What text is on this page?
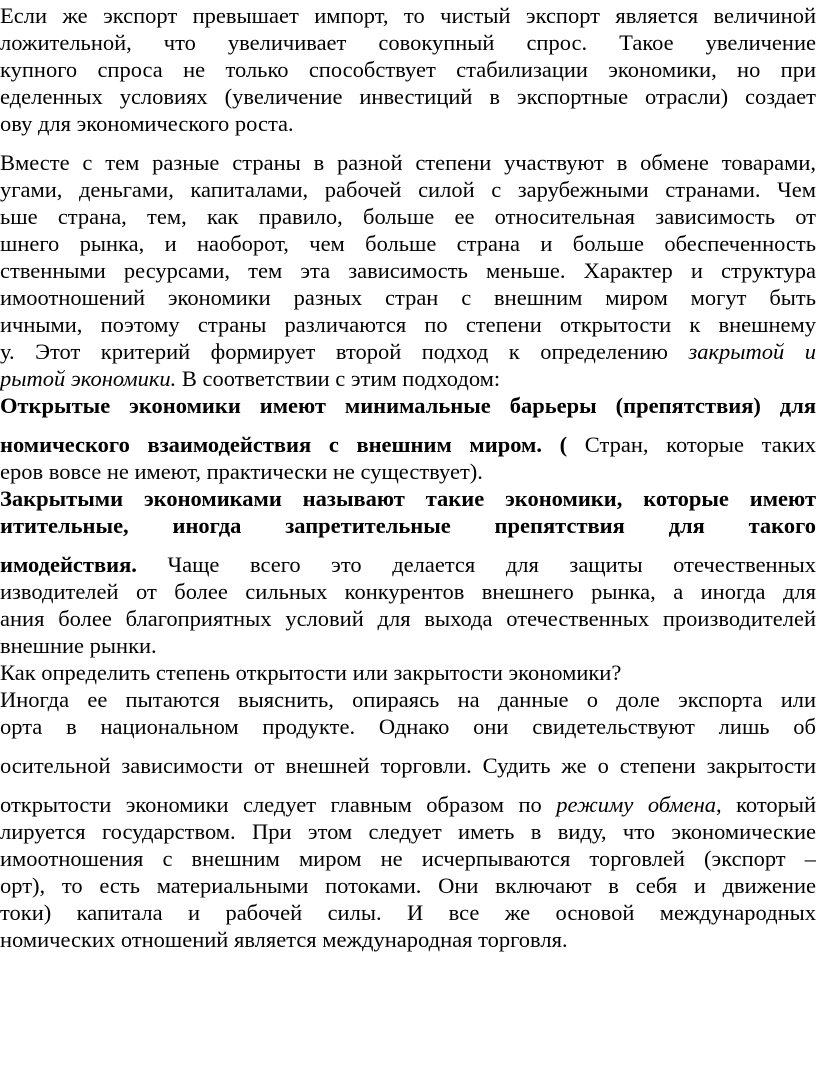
Если же экспорт превышает импорт, то чистый экспорт является величиной
ложительной, что увеличивает совокупный спрос. Такое увеличение
купного спроса не только способствует стабилизации экономики, но при
еделенных условиях (увеличение инвестиций в экспортные отрасли) создает
ову для экономического роста.
Вместе с тем разные страны в разной степени участвуют в обмене товарами,
угами, деньгами, капиталами, рабочей силой с зарубежными странами. Чем
ьше страна, тем, как правило, больше ее относительная зависимость от
шнего рынка, и наоборот, чем больше страна и больше обеспеченность
ственными ресурсами, тем эта зависимость меньше. Характер и структура
имоотношений экономики разных стран с внешним миром могут быть
ичными, поэтому страны различаются по степени открытости к внешнему
у. Этот критерий формирует второй подход к определению закрытой и
рытой экономики. В соответствии с этим подходом:
Открытые экономики имеют минимальные барьеры (препятствия) для
номического взаимодействия с внешним миром. ( Стран, которые таких
еров вовсе не имеют, практически не существует).
Закрытыми экономиками называют такие экономики, которые имеют
итительные, иногда запретительные препятствия для такого
имодействия. Чаще всего это делается для защиты отечественных
изводителей от более сильных конкурентов внешнего рынка, а иногда для
ания более благоприятных условий для выхода отечественных производителей
внешние рынки.
Как определить степень открытости или закрытости экономики?
Иногда ее пытаются выяснить, опираясь на данные о доле экспорта или
орта в национальном продукте. Однако они свидетельствуют лишь об
осительной зависимости от внешней торговли. Судить же о степени закрытости
открытости экономики следует главным образом по режиму обмена, который
лируется государством. При этом следует иметь в виду, что экономические
имоотношения с внешним миром не исчерпываются торговлей (экспорт –
орт), то есть материальными потоками. Они включают в себя и движение
токи) капитала и рабочей силы. И все же основой международных
номических отношений является международная торговля.
